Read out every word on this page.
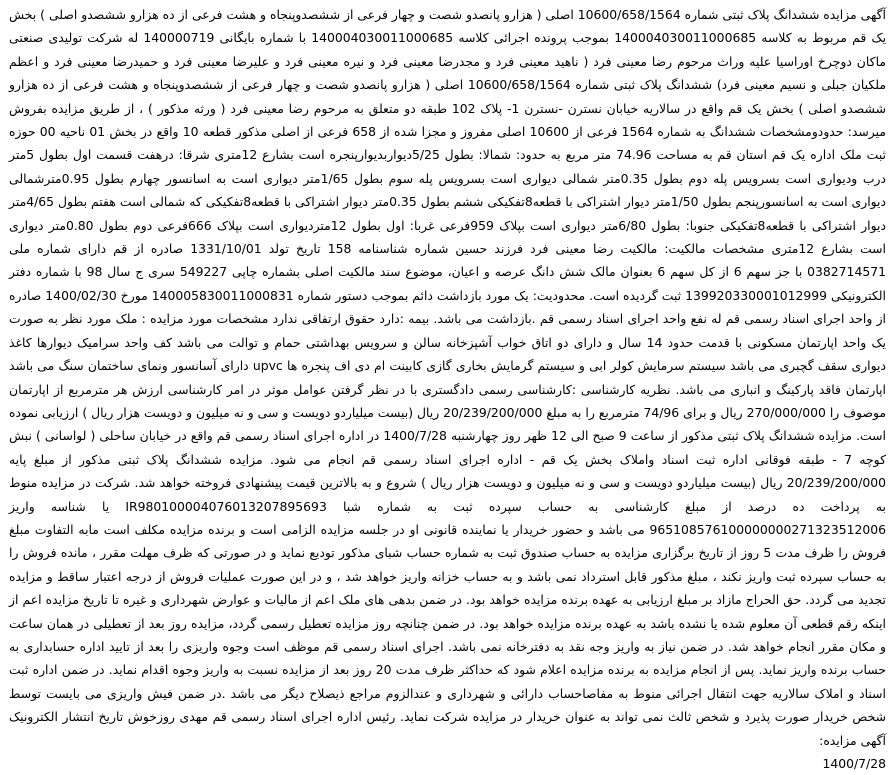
آگهی مزایده ششدانگ پلاک ثبتی شماره 10600/658/1564 اصلی ( هزارو پانصدو شصت و چهار فرعی از ششصدوپنجاه و هشت فرعی از ده هزارو ششصدو اصلی ) بخش یک قم مربوط به کلاسه 140004030011000685 بموجب پرونده اجرائی کلاسه 140004030011000685 با شماره بایگانی 140000719 له شرکت تولیدی صنعتی ماکان دوچرخ اوراسیا علیه وراث مرحوم رضا معینی فرد ( ناهید معینی فرد و مجدرضا معینی فرد و نیره معینی فرد و علیرضا معینی فرد و حمیدرضا معینی فرد و اعظم ملکیان جبلی و نسیم معینی فرد) ششدانگ پلاک ثبتی شماره 10600/658/1564 اصلی ( هزارو پانصدو شصت و چهار فرعی از ششصدوپنجاه و هشت فرعی از ده هزارو ششصدو اصلی ) بخش یک قم واقع در سالاریه خیابان نسترن -نسترن 1- پلاک 102 طبقه دو متعلق به مرحوم رضا معینی فرد ( ورثه مذکور ) ، از طریق مزایده بفروش میرسد: حدودومشخصات ششدانگ به شماره 1564 فرعی از 10600 اصلی مفروز و مجزا شده از 658 فرعی از اصلی مذکور قطعه 10 واقع در بخش 01 ناحیه 00 حوزه ثبت ملک اداره یک قم استان قم به مساحت 74.96 متر مربع به حدود: شمالا: بطول 5/25دیواربدیوارپنجره است بشارع 12متری شرقا: درهفت قسمت اول بطول 5متر درب ودیواری است بسرویس پله دوم بطول 0.35متر شمالی دیواری است بسرویس پله سوم بطول 1/65متر دیواری است به اسانسور چهارم بطول 0.95مترشمالی دیواری است به اسانسورپنجم بطول 1/50متر دیوار اشتراکی با قطعه8تفکیکی ششم بطول 0.35متر دیوار اشتراکی با قطعه8تفکیکی که شمالی است هفتم بطول 4/65متر دیوار اشتراکی با قطعه8تفکیکی جنوبا: بطول 6/80متر دیواری است بپلاک 959فرعی غربا: اول بطول 12متردیواری است بپلاک 666فرعی دوم بطول 0.80متر دیواری است بشارع 12متری مشخصات مالکیت: مالکیت رضا معینی فرد فرزند حسین شماره شناسنامه 158 تاریخ تولد 1331/10/01 صادره از قم دارای شماره ملی 0382714571 با جز سهم 6 از کل سهم 6 بعنوان مالک شش دانگ عرصه و اعیان، موضوع سند مالکیت اصلی بشماره چاپی 549227 سری ج سال 98 با شماره دفتر الکترونیکی 139920330001012999 ثبت گردیده است. محدودیت: یک مورد بازداشت دائم بموجب دستور شماره 140005830011000831 مورخ 1400/02/30 صادره از واحد اجرای اسناد رسمی قم له نفع واحد اجرای اسناد رسمی قم .بازداشت می باشد. بیمه :دارد حقوق ارتفاقی ندارد مشخصات مورد مزایده : ملک مورد نظر به صورت یک واحد اپارتمان مسکونی با قدمت حدود 14 سال و دارای دو اتاق خواب آشپزخانه سالن و سرویس بهداشتی حمام و توالت می باشد کف واحد سرامیک دیوارها کاغذ دیواری سقف گچبری می باشد سیستم سرمایش کولر ابی و سیستم گرمایش بخاری گازی کابینت ام دی اف پنجره ها upvc دارای آسانسور ونمای ساختمان سنگ می باشد اپارتمان فاقد پارکینگ و انباری می باشد. نظریه کارشناسی :کارشناسی رسمی دادگستری با در نظر گرفتن عوامل موثر در امر کارشناسی ارزش هر مترمربع از اپارتمان موصوف را 270/000/000 ریال و برای 74/96 مترمربع را به مبلغ 20/239/200/000 ریال (بیست میلیاردو دویست و سی و نه میلیون و دویست هزار ریال ) ارزیابی نموده است. مزایده ششدانگ پلاک ثبتی مذکور از ساعت 9 صبح الی 12 ظهر روز چهارشنبه 1400/7/28 در اداره اجرای اسناد رسمی قم واقع در خیابان ساحلی ( لواسانی ) نبش کوچه 7 - طبقه فوقانی اداره ثبت اسناد واملاک بخش یک قم - اداره اجرای اسناد رسمی قم انجام می شود. مزایده ششدانگ پلاک ثبتی مذکور از مبلغ پایه 20/239/200/000 ریال (بیست میلیاردو دویست و سی و نه میلیون و دویست هزار ریال ) شروع و به بالاترین قیمت پیشنهادی فروخته خواهد شد. شرکت در مزایده منوط به پرداخت ده درصد از مبلغ کارشناسی به حساب سپرده ثبت به شماره شبا IR980100004076013207895693 یا شناسه واریز 965108576100000000271323512006 می باشد و حضور خریدار یا نماینده قانونی او در جلسه مزایده الزامی است و برنده مزایده مکلف است مابه التفاوت مبلغ فروش را ظرف مدت 5 روز از تاریخ برگزاری مزایده به حساب صندوق ثبت به شماره حساب شبای مذکور تودیع نماید و در صورتی که ظرف مهلت مقرر ، مانده فروش را به حساب سپرده ثبت واریز نکند ، مبلغ مذکور قابل استرداد نمی باشد و به حساب خزانه واریز خواهد شد ، و در این صورت عملیات فروش از درجه اعتبار ساقط و مزایده تجدید می گردد. حق الحراج مازاد بر مبلغ ارزیابی به عهده برنده مزایده خواهد بود. در ضمن بدهی های ملک اعم از مالیات و عوارض شهرداری و غیره تا تاریخ مزایده اعم از اینکه رقم قطعی آن معلوم شده یا نشده باشد به عهده برنده مزایده خواهد بود. در ضمن چنانچه روز مزایده تعطیل رسمی گردد، مزایده روز بعد از تعطیلی در همان ساعت و مکان مقرر انجام خواهد شد. در ضمن نیاز به واریز وجه نقد به دفترخانه نمی باشد. اجرای اسناد رسمی قم موظف است وجوه واریزی را بعد از تایید اداره حسابداری به حساب برنده واریز نماید. پس از انجام مزایده به برنده مزایده اعلام شود که حداکثر ظرف مدت 20 روز بعد از مزایده نسبت به واریز وجوه اقدام نماید. در ضمن اداره ثبت اسناد و املاک سالاریه جهت انتقال اجرائی منوط به مفاصاحساب دارائی و شهرداری و عندالزوم مراجع ذیصلاح دیگر می باشد .در ضمن فیش واریزی می بایست توسط شخص خریدار صورت پذیرد و شخص ثالث نمی تواند به عنوان خریدار در مزایده شرکت نماید. رئیس اداره اجرای اسناد رسمی قم مهدی روزخوش تاریخ انتشار الکترونیک آگهی مزایده:

1400/7/28
